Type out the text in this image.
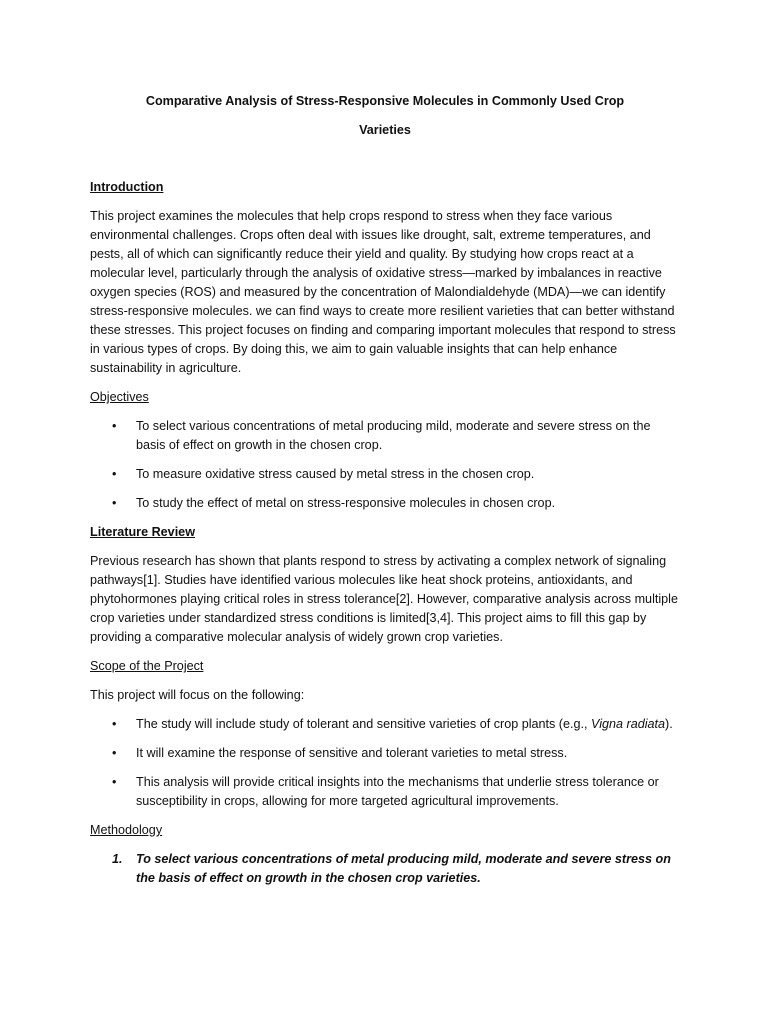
Comparative Analysis of Stress-Responsive Molecules in Commonly Used Crop
Varieties
Introduction

This project examines the molecules that help crops respond to stress when they face various environmental challenges. Crops often deal with issues like drought, salt, extreme temperatures, and pests, all of which can significantly reduce their yield and quality. By studying how crops react at a molecular level, particularly through the analysis of oxidative stress—marked by imbalances in reactive oxygen species (ROS) and measured by the concentration of Malondialdehyde (MDA)—we can identify stress-responsive molecules. we can find ways to create more resilient varieties that can better withstand these stresses. This project focuses on finding and comparing important molecules that respond to stress in various types of crops. By doing this, we aim to gain valuable insights that can help enhance sustainability in agriculture.

Objectives
• To select various concentrations of metal producing mild, moderate and severe stress on the basis of effect on growth in the chosen crop.
• To measure oxidative stress caused by metal stress in the chosen crop.
• To study the effect of metal on stress-responsive molecules in chosen crop.
Literature Review

Previous research has shown that plants respond to stress by activating a complex network of signaling pathways[1]. Studies have identified various molecules like heat shock proteins, antioxidants, and phytohormones playing critical roles in stress tolerance[2]. However, comparative analysis across multiple crop varieties under standardized stress conditions is limited[3,4]. This project aims to fill this gap by providing a comparative molecular analysis of widely grown crop varieties.

Scope of the Project

This project will focus on the following:

• The study will include study of tolerant and sensitive varieties of crop plants (e.g., Vigna radiata).
• It will examine the response of sensitive and tolerant varieties to metal stress.
• This analysis will provide critical insights into the mechanisms that underlie stress tolerance or susceptibility in crops, allowing for more targeted agricultural improvements.
Methodology
1. To select various concentrations of metal producing mild, moderate and severe stress on the basis of effect on growth in the chosen crop varieties.
